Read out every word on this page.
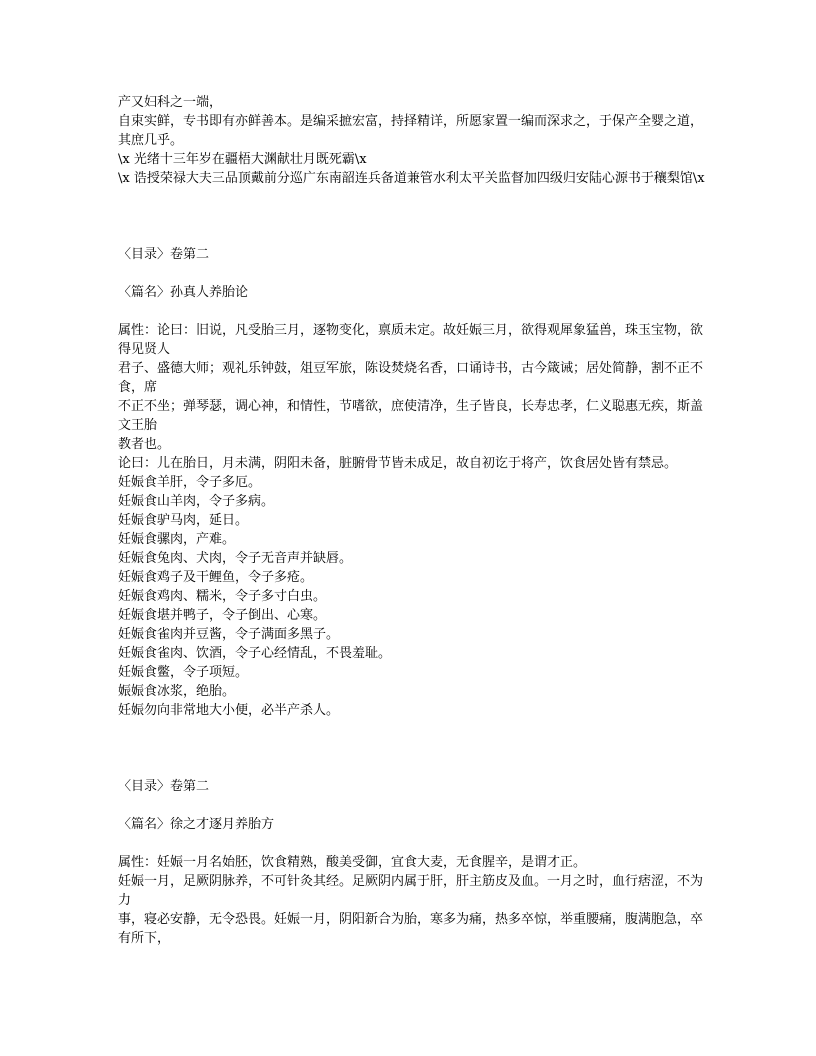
产又妇科之一端，

自束实鲜，专书即有亦鲜善本。是编采摭宏富，持择精详，所愿家置一编而深求之，于保产全婴之道，其庶几乎。

\x 光绪十三年岁在疆梧大渊献壮月既死霸\x

\x 诰授荣禄大夫三品顶戴前分巡广东南韶连兵备道兼管水利太平关监督加四级归安陆心源书于穰梨馆\x

〈目录〉卷第二

〈篇名〉孙真人养胎论

属性：论曰：旧说，凡受胎三月，逐物变化，禀质未定。故妊娠三月，欲得观犀象猛兽，珠玉宝物，欲得见贤人

君子、盛德大师；观礼乐钟鼓，俎豆军旅，陈设焚烧名香，口诵诗书，古今箴诫；居处简静，割不正不食，席

不正不坐；弹琴瑟，调心神，和情性，节嗜欲，庶使清净，生子皆良，长寿忠孝，仁义聪惠无疾，斯盖文王胎

教者也。

论曰：儿在胎日，月未满，阴阳未备，脏腑骨节皆未成足，故自初讫于将产，饮食居处皆有禁忌。

妊娠食羊肝，令子多厄。

妊娠食山羊肉，令子多病。

妊娠食驴马肉，延日。

妊娠食骡肉，产难。

妊娠食兔肉、犬肉，令子无音声并缺唇。

妊娠食鸡子及干鲤鱼，令子多疮。

妊娠食鸡肉、糯米，令子多寸白虫。

妊娠食堪并鸭子，令子倒出、心寒。

妊娠食雀肉并豆酱，令子满面多黑子。

妊娠食雀肉、饮酒，令子心经情乱，不畏羞耻。

妊娠食鳖，令子项短。

娠娠食冰浆，绝胎。

妊娠勿向非常地大小便，必半产杀人。

〈目录〉卷第二

〈篇名〉徐之才逐月养胎方

属性：妊娠一月名始胚，饮食精熟，酸美受御，宜食大麦，无食腥辛，是谓才正。

妊娠一月，足厥阴脉养，不可针灸其经。足厥阴内属于肝，肝主筋皮及血。一月之时，血行痞涩，不为力

事，寝必安静，无令恐畏。妊娠一月，阴阳新合为胎，寒多为痛，热多卒惊，举重腰痛，腹满胞急，卒有所下，
